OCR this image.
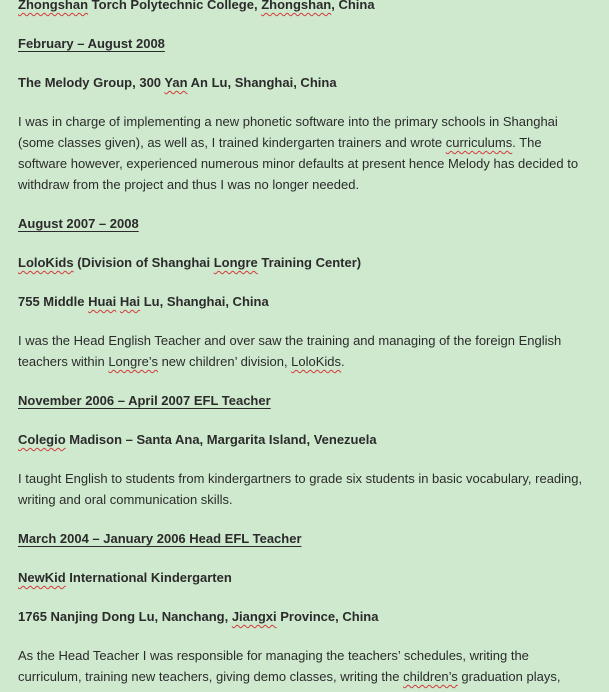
Zhongshan Torch Polytechnic College, Zhongshan, China

February – August 2008

The Melody Group, 300 Yan An Lu, Shanghai, China

I was in charge of implementing a new phonetic software into the primary schools in Shanghai (some classes given), as well as, I trained kindergarten trainers and wrote curriculums. The software however, experienced numerous minor defaults at present hence Melody has decided to withdraw from the project and thus I was no longer needed.

August 2007 – 2008

LoloKids (Division of Shanghai Longre Training Center)

755 Middle Huai Hai Lu, Shanghai, China

I was the Head English Teacher and over saw the training and managing of the foreign English teachers within Longre’s new children’ division, LoloKids.

November 2006 – April 2007 EFL Teacher

Colegio Madison – Santa Ana, Margarita Island, Venezuela

I taught English to students from kindergartners to grade six students in basic vocabulary, reading, writing and oral communication skills.

March 2004 – January 2006 Head EFL Teacher

NewKid International Kindergarten

1765 Nanjing Dong Lu, Nanchang, Jiangxi Province, China

As the Head Teacher I was responsible for managing the teachers’ schedules, writing the curriculum, training new teachers, giving demo classes, writing the children’s graduation plays,
